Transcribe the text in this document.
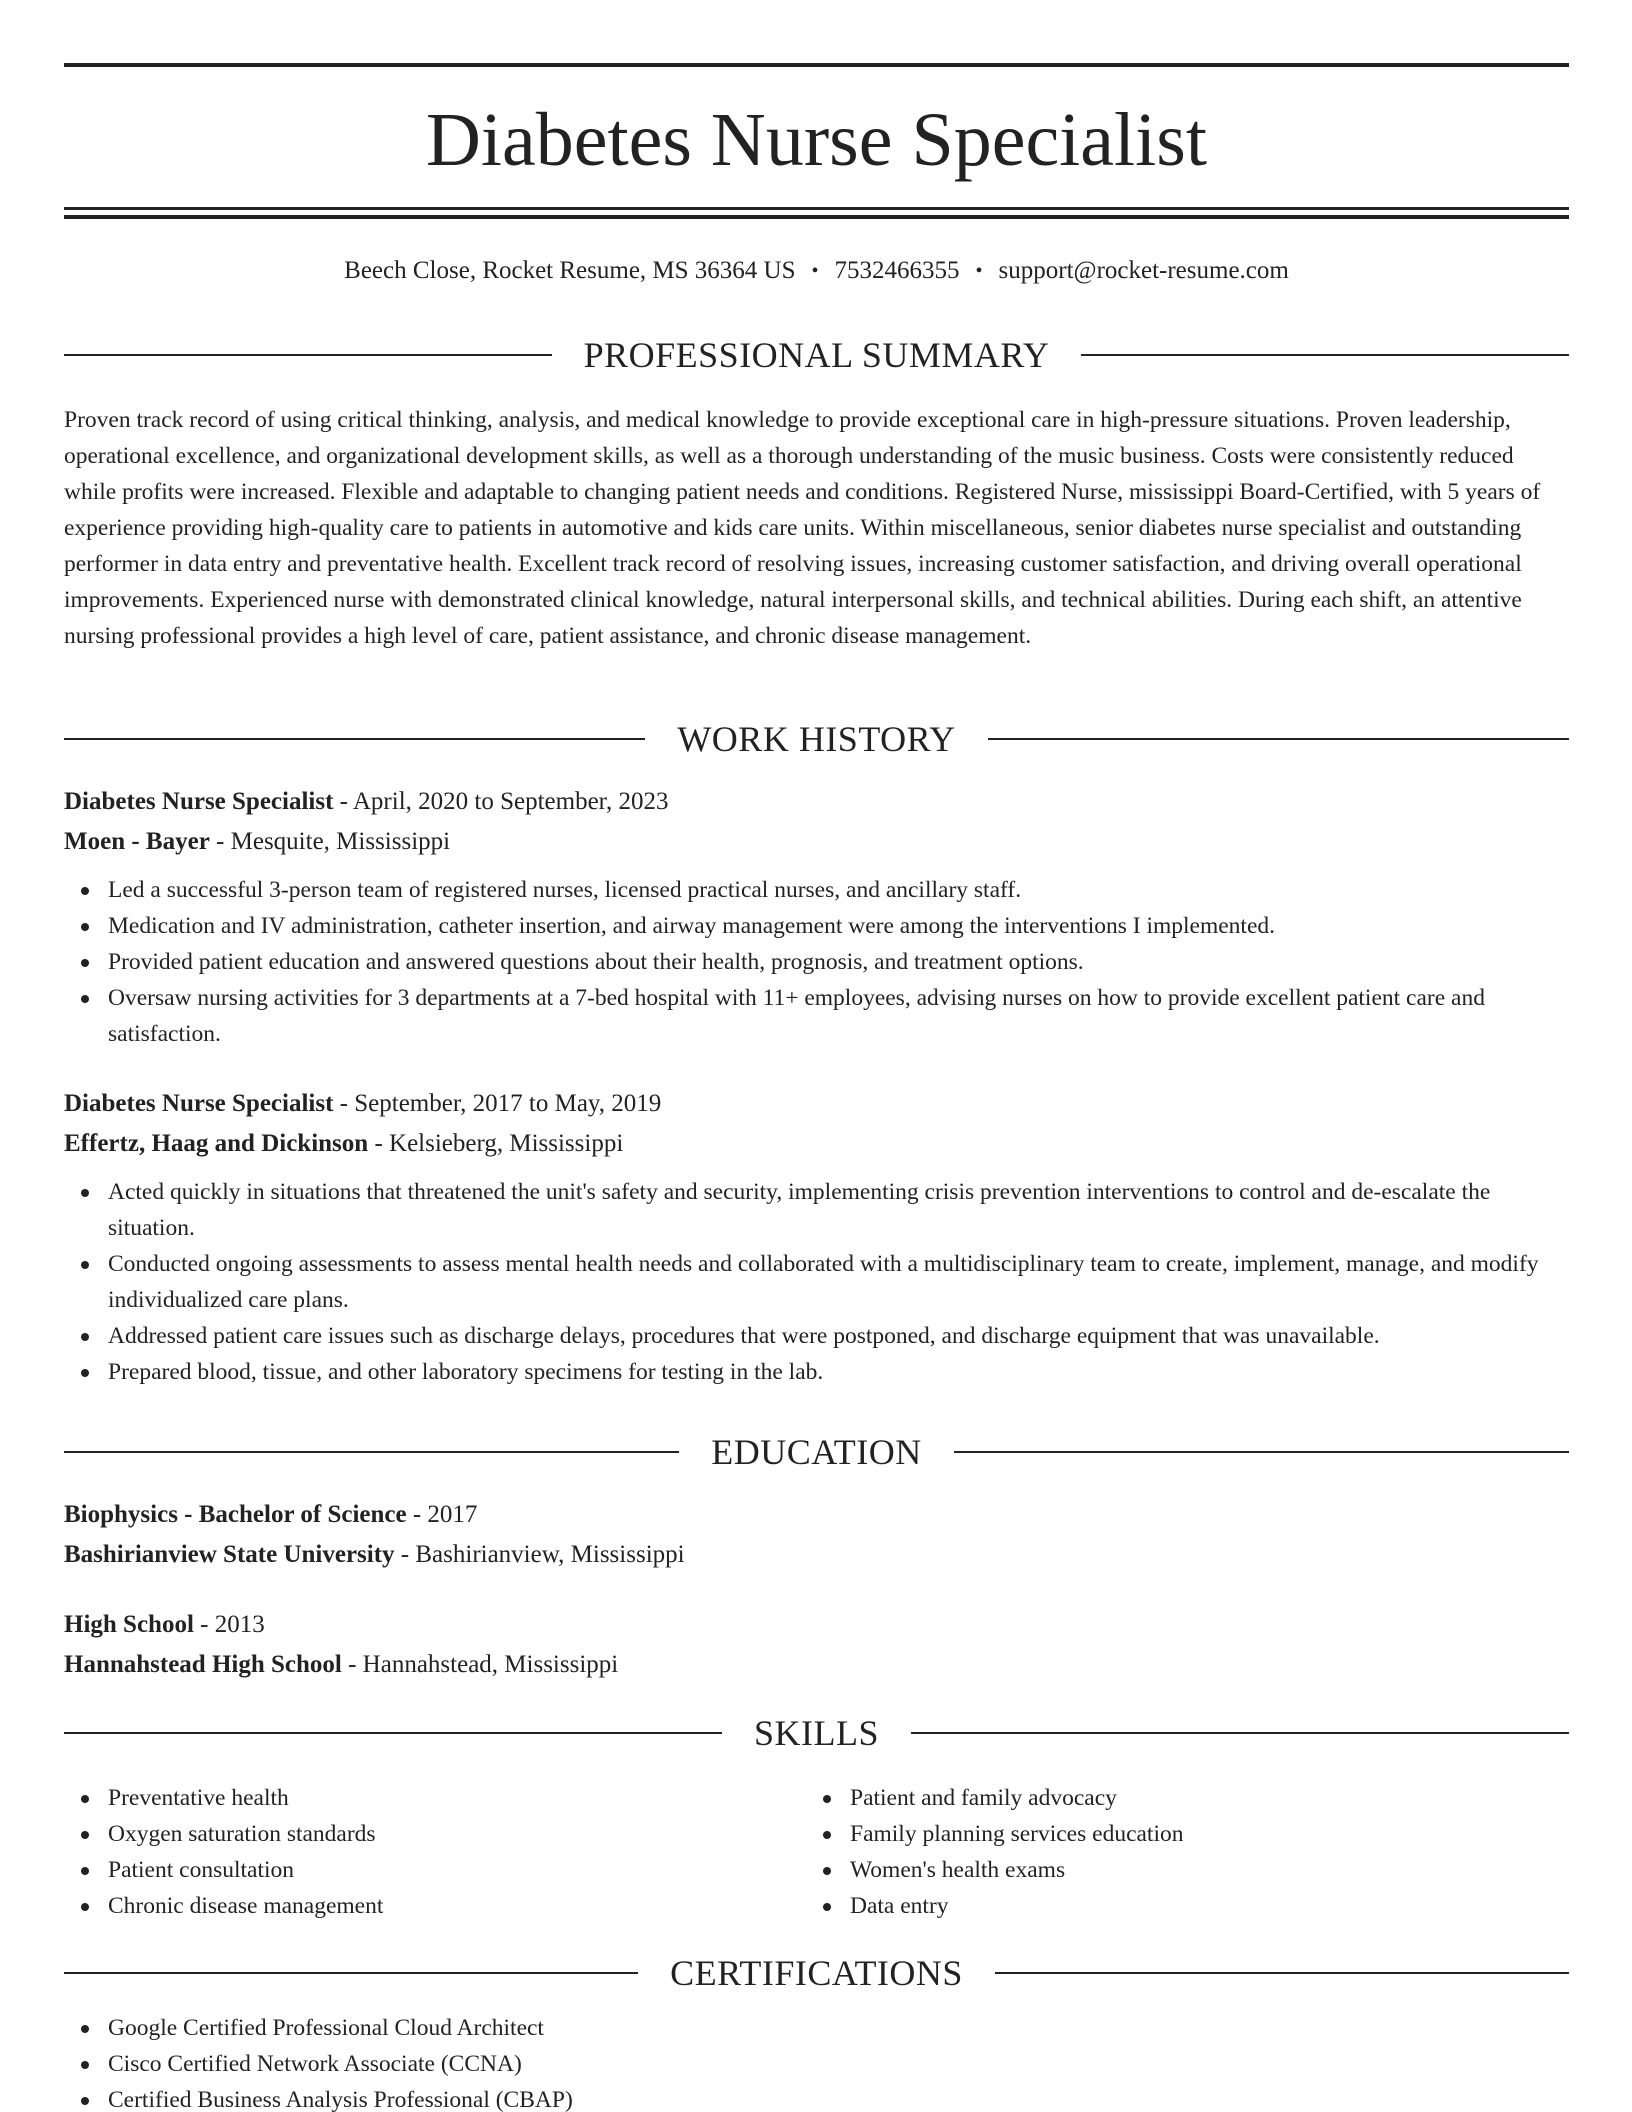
Diabetes Nurse Specialist
Beech Close, Rocket Resume, MS 36364 US • 7532466355 • support@rocket-resume.com
PROFESSIONAL SUMMARY

Proven track record of using critical thinking, analysis, and medical knowledge to provide exceptional care in high-pressure situations. Proven leadership, operational excellence, and organizational development skills, as well as a thorough understanding of the music business. Costs were consistently reduced while profits were increased. Flexible and adaptable to changing patient needs and conditions. Registered Nurse, mississippi Board-Certified, with 5 years of experience providing high-quality care to patients in automotive and kids care units. Within miscellaneous, senior diabetes nurse specialist and outstanding performer in data entry and preventative health. Excellent track record of resolving issues, increasing customer satisfaction, and driving overall operational improvements. Experienced nurse with demonstrated clinical knowledge, natural interpersonal skills, and technical abilities. During each shift, an attentive nursing professional provides a high level of care, patient assistance, and chronic disease management.

WORK HISTORY
Diabetes Nurse Specialist - April, 2020 to September, 2023
Moen - Bayer - Mesquite, Mississippi
Led a successful 3-person team of registered nurses, licensed practical nurses, and ancillary staff.
Medication and IV administration, catheter insertion, and airway management were among the interventions I implemented.
Provided patient education and answered questions about their health, prognosis, and treatment options.
Oversaw nursing activities for 3 departments at a 7-bed hospital with 11+ employees, advising nurses on how to provide excellent patient care and satisfaction.
Diabetes Nurse Specialist - September, 2017 to May, 2019
Effertz, Haag and Dickinson - Kelsieberg, Mississippi
Acted quickly in situations that threatened the unit's safety and security, implementing crisis prevention interventions to control and de-escalate the situation.
Conducted ongoing assessments to assess mental health needs and collaborated with a multidisciplinary team to create, implement, manage, and modify individualized care plans.
Addressed patient care issues such as discharge delays, procedures that were postponed, and discharge equipment that was unavailable.
Prepared blood, tissue, and other laboratory specimens for testing in the lab.
EDUCATION
Biophysics - Bachelor of Science - 2017
Bashirianview State University - Bashirianview, Mississippi
High School - 2013
Hannahstead High School - Hannahstead, Mississippi
SKILLS
Preventative health
Oxygen saturation standards
Patient consultation
Chronic disease management
Patient and family advocacy
Family planning services education
Women's health exams
Data entry
CERTIFICATIONS
Google Certified Professional Cloud Architect
Cisco Certified Network Associate (CCNA)
Certified Business Analysis Professional (CBAP)
